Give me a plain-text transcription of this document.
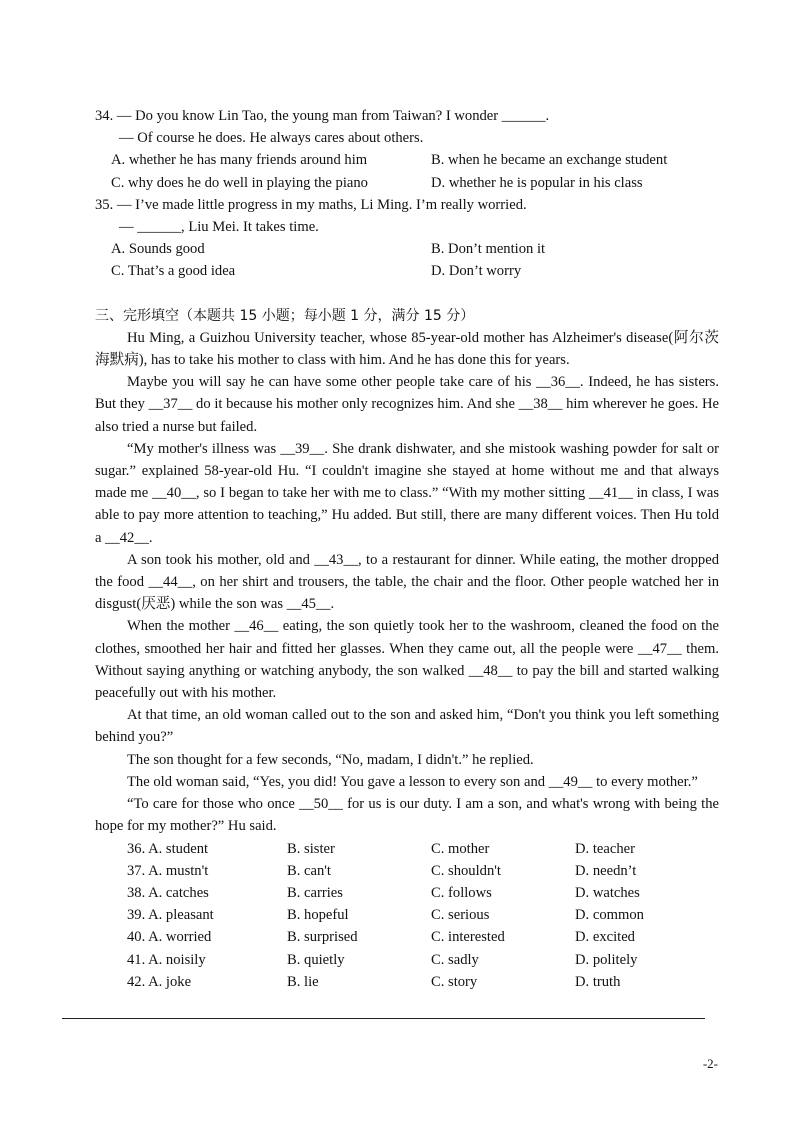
34. — Do you know Lin Tao, the young man from Taiwan? I wonder ______.
— Of course he does. He always cares about others.
A. whether he has many friends around him	B. when he became an exchange student
C. why does he do well in playing the piano	D. whether he is popular in his class
35. — I’ve made little progress in my maths, Li Ming. I’m really worried.
— ______, Liu Mei. It takes time.
A. Sounds good	B. Don’t mention it
C. That’s a good idea	D. Don’t worry
三、完形填空（本题共 15 小题；每小题 1 分，满分 15 分）
Hu Ming, a Guizhou University teacher, whose 85-year-old mother has Alzheimer's disease(阿尔茨海默病), has to take his mother to class with him. And he has done this for years.
Maybe you will say he can have some other people take care of his __36__. Indeed, he has sisters. But they __37__ do it because his mother only recognizes him. And she __38__ him wherever he goes. He also tried a nurse but failed.
“My mother's illness was __39__. She drank dishwater, and she mistook washing powder for salt or sugar.” explained 58-year-old Hu. “I couldn't imagine she stayed at home without me and that always made me __40__, so I began to take her with me to class.” “With my mother sitting __41__ in class, I was able to pay more attention to teaching,” Hu added. But still, there are many different voices. Then Hu told a __42__.
A son took his mother, old and __43__, to a restaurant for dinner. While eating, the mother dropped the food __44__, on her shirt and trousers, the table, the chair and the floor. Other people watched her in disgust(厌恶) while the son was __45__.
When the mother __46__ eating, the son quietly took her to the washroom, cleaned the food on the clothes, smoothed her hair and fitted her glasses. When they came out, all the people were __47__ them. Without saying anything or watching anybody, the son walked __48__ to pay the bill and started walking peacefully out with his mother.
At that time, an old woman called out to the son and asked him, “Don't you think you left something behind you?”
The son thought for a few seconds, “No, madam, I didn't.” he replied.
The old woman said, “Yes, you did! You gave a lesson to every son and __49__ to every mother.”
“To care for those who once __50__ for us is our duty. I am a son, and what's wrong with being the hope for my mother?” Hu said.
36. A. student	B. sister	C. mother	D. teacher
37. A. mustn't	B. can't	C. shouldn't	D. needn’t
38. A. catches	B. carries	C. follows	D. watches
39. A. pleasant	B. hopeful	C. serious	D. common
40. A. worried	B. surprised	C. interested	D. excited
41. A. noisily	B. quietly	C. sadly	D. politely
42. A. joke	B. lie	C. story	D. truth
-2-
